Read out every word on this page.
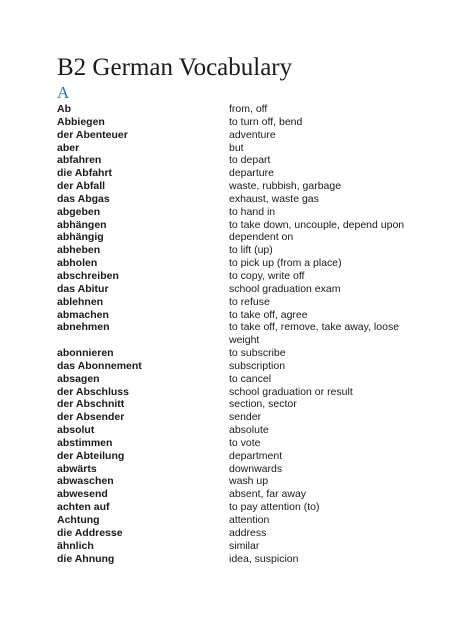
B2 German Vocabulary
A
Ab	from, off
Abbiegen	to turn off, bend
der Abenteuer	adventure
aber	but
abfahren	to depart
die Abfahrt	departure
der Abfall	waste, rubbish, garbage
das Abgas	exhaust, waste gas
abgeben	to hand in
abhängen	to take down, uncouple, depend upon
abhängig	dependent on
abheben	to lift (up)
abholen	to pick up (from a place)
abschreiben	to copy, write off
das Abitur	school graduation exam
ablehnen	to refuse
abmachen	to take off, agree
abnehmen	to take off, remove, take away, loose weight
abonnieren	to subscribe
das Abonnement	subscription
absagen	to cancel
der Abschluss	school graduation or result
der Abschnitt	section, sector
der Absender	sender
absolut	absolute
abstimmen	to vote
der Abteilung	department
abwärts	downwards
abwaschen	wash up
abwesend	absent, far away
achten auf	to pay attention (to)
Achtung	attention
die Addresse	address
ähnlich	similar
die Ahnung	idea, suspicion
